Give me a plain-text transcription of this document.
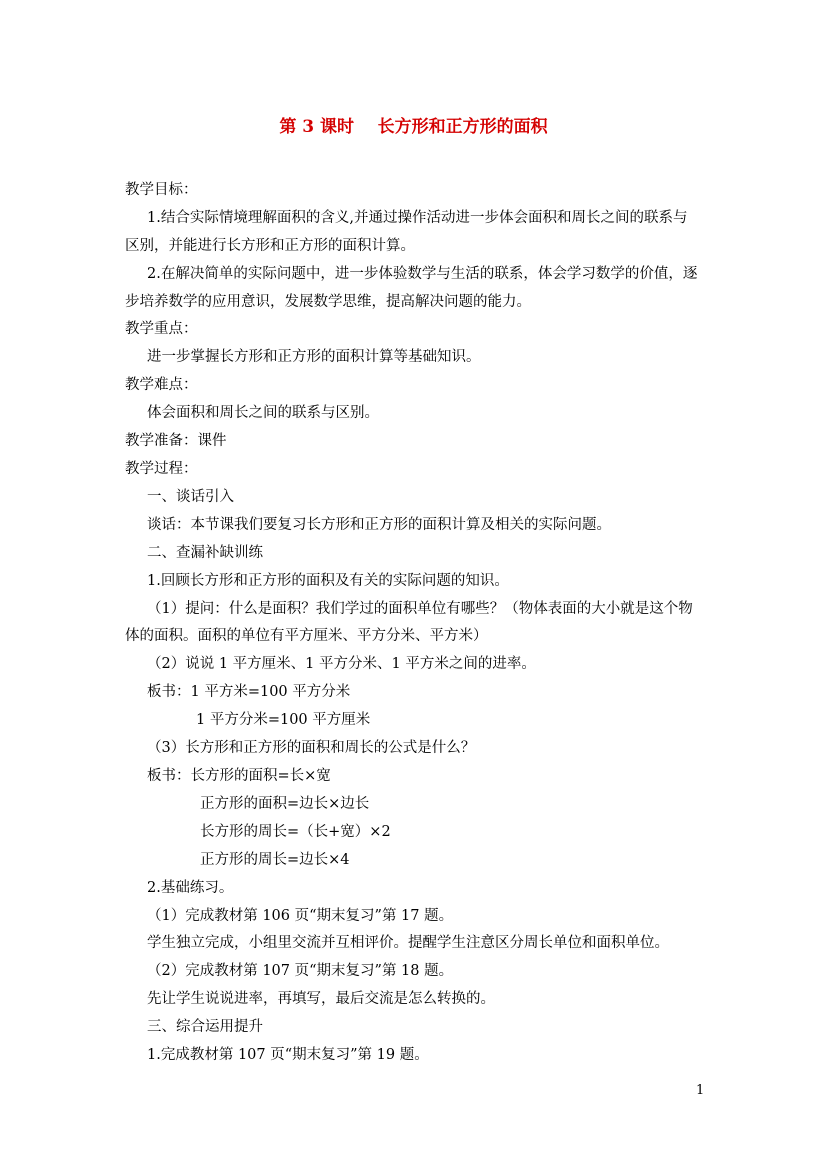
第 3 课时    长方形和正方形的面积
教学目标：
1.结合实际情境理解面积的含义,并通过操作活动进一步体会面积和周长之间的联系与
区别，并能进行长方形和正方形的面积计算。
2.在解决简单的实际问题中，进一步体验数学与生活的联系，体会学习数学的价值，逐
步培养数学的应用意识，发展数学思维，提高解决问题的能力。
教学重点：
进一步掌握长方形和正方形的面积计算等基础知识。
教学难点：
体会面积和周长之间的联系与区别。
教学准备：课件
教学过程：
一、谈话引入
谈话：本节课我们要复习长方形和正方形的面积计算及相关的实际问题。
二、查漏补缺训练
1.回顾长方形和正方形的面积及有关的实际问题的知识。
（1）提问：什么是面积？我们学过的面积单位有哪些？（物体表面的大小就是这个物
体的面积。面积的单位有平方厘米、平方分米、平方米）
（2）说说 1 平方厘米、1 平方分米、1 平方米之间的进率。
板书：1 平方米=100 平方分米
1 平方分米=100 平方厘米
（3）长方形和正方形的面积和周长的公式是什么？
板书：长方形的面积=长×宽
正方形的面积=边长×边长
长方形的周长=（长+宽）×2
正方形的周长=边长×4
2.基础练习。
（1）完成教材第 106 页“期末复习”第 17 题。
学生独立完成，小组里交流并互相评价。提醒学生注意区分周长单位和面积单位。
（2）完成教材第 107 页“期末复习”第 18 题。
先让学生说说进率，再填写，最后交流是怎么转换的。
三、综合运用提升
1.完成教材第 107 页“期末复习”第 19 题。
1
